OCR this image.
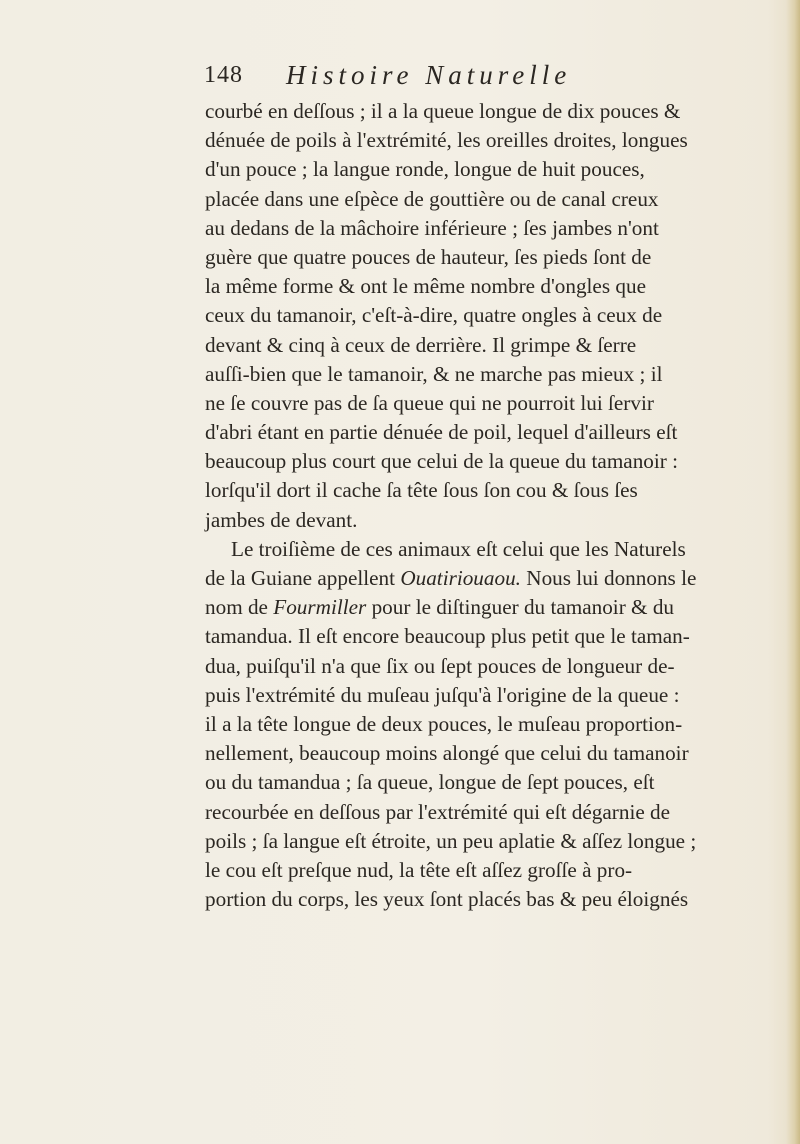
148 Histoire Naturelle
courbé en deſſous ; il a la queue longue de dix pouces &
dénuée de poils à l'extrémité, les oreilles droites, longues
d'un pouce ; la langue ronde, longue de huit pouces,
placée dans une eſpèce de gouttière ou de canal creux
au dedans de la mâchoire inférieure ; ſes jambes n'ont
guère que quatre pouces de hauteur, ſes pieds ſont de
la même forme & ont le même nombre d'ongles que
ceux du tamanoir, c'eſt-à-dire, quatre ongles à ceux de
devant & cinq à ceux de derrière. Il grimpe & ſerre
auſſi-bien que le tamanoir, & ne marche pas mieux ; il
ne ſe couvre pas de ſa queue qui ne pourroit lui ſervir
d'abri étant en partie dénuée de poil, lequel d'ailleurs eſt
beaucoup plus court que celui de la queue du tamanoir :
lorſqu'il dort il cache ſa tête ſous ſon cou & ſous ſes
jambes de devant.
Le troiſième de ces animaux eſt celui que les Naturels
de la Guiane appellent Ouatiriouaou. Nous lui donnons le
nom de Fourmiller pour le diſtinguer du tamanoir & du
tamandua. Il eſt encore beaucoup plus petit que le taman-
dua, puiſqu'il n'a que ſix ou ſept pouces de longueur de-
puis l'extrémité du muſeau juſqu'à l'origine de la queue :
il a la tête longue de deux pouces, le muſeau proportion-
nellement, beaucoup moins alongé que celui du tamanoir
ou du tamandua ; ſa queue, longue de ſept pouces, eſt
recourbée en deſſous par l'extrémité qui eſt dégarnie de
poils ; ſa langue eſt étroite, un peu aplatie & aſſez longue ;
le cou eſt preſque nud, la tête eſt aſſez groſſe à pro-
portion du corps, les yeux ſont placés bas & peu éloignés
